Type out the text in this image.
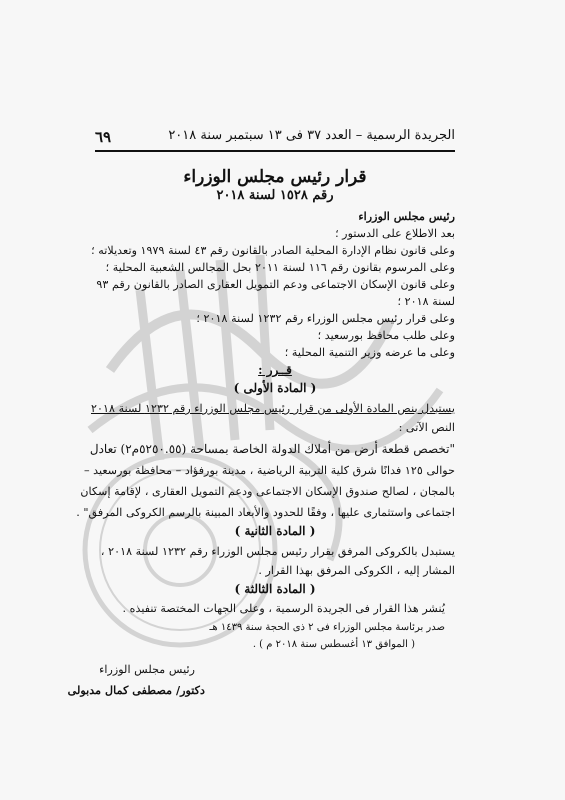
الجريدة الرسمية – العدد ٣٧ فى ١٣ سبتمبر سنة ٢٠١٨
٦٩
قرار رئيس مجلس الوزراء
رقم ١٥٢٨ لسنة ٢٠١٨
رئيس مجلس الوزراء
بعد الاطلاع على الدستور ؛
وعلى قانون نظام الإدارة المحلية الصادر بالقانون رقم ٤٣ لسنة ١٩٧٩ وتعديلاته ؛
وعلى المرسوم بقانون رقم ١١٦ لسنة ٢٠١١ بحل المجالس الشعبية المحلية ؛
وعلى قانون الإسكان الاجتماعى ودعم التمويل العقارى الصادر بالقانون رقم ٩٣
لسنة ٢٠١٨ ؛
وعلى قرار رئيس مجلس الوزراء رقم ١٢٣٢ لسنة ٢٠١٨ ؛
وعلى طلب محافظ بورسعيد ؛
وعلى ما عرضه وزير التنمية المحلية ؛
قــرر :
( المادة الأولى )
يستبدل بنص المادة الأولى من قرار رئيس مجلس الوزراء رقم ١٢٣٢ لسنة ٢٠١٨
النص الآتى :
"تخصص قطعة أرض من أملاك الدولة الخاصة بمساحة (٥٢٥٠.٥٥م٢) تعادل
حوالى ١٢٥ فدانًا شرق كلية التربية الرياضية ، مدينة بورفؤاد – محافظة بورسعيد –
بالمجان ، لصالح صندوق الإسكان الاجتماعى ودعم التمويل العقارى ، لإقامة إسكان
اجتماعى واستثمارى عليها ، وفقًا للحدود والأبعاد المبينة بالرسم الكروكى المرفق" .
( المادة الثانية )
يستبدل بالكروكى المرفق بقرار رئيس مجلس الوزراء رقم ١٢٣٢ لسنة ٢٠١٨ ،
المشار إليه ، الكروكى المرفق بهذا القرار .
( المادة الثالثة )
يُنشر هذا القرار فى الجريدة الرسمية ، وعلى الجهات المختصة تنفيذه .
صدر برئاسة مجلس الوزراء فى ٢ ذى الحجة سنة ١٤٣٩ هـ
( الموافق ١٣ أغسطس سنة ٢٠١٨ م ) .
رئيس مجلس الوزراء
دكتور/ مصطفى كمال مدبولى
